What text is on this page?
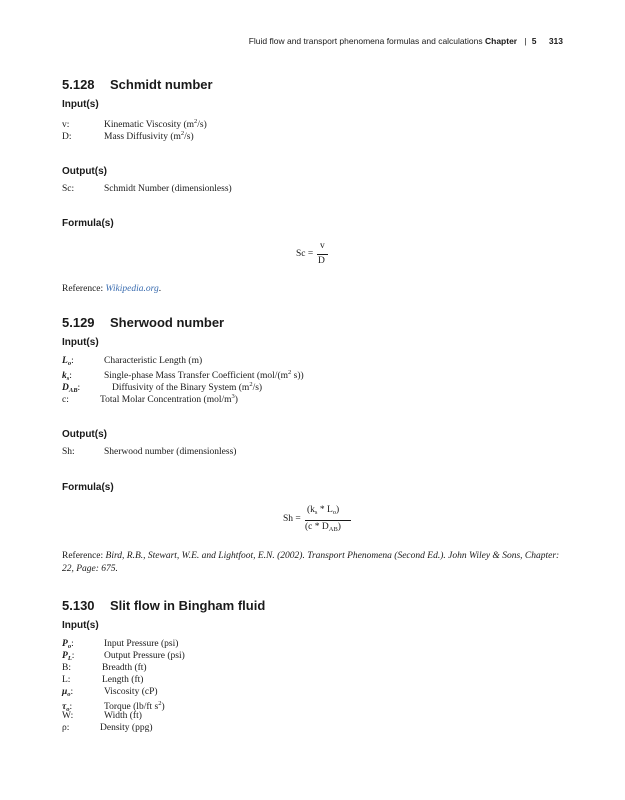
Fluid flow and transport phenomena formulas and calculations Chapter | 5 313
5.128 Schmidt number
Input(s)
v:	Kinematic Viscosity $(m^2/s)$
D:	Mass Diffusivity $(m^2/s)$
Output(s)
Sc:	Schmidt Number (dimensionless)
Formula(s)
Sc =
v
D
Reference: Wikipedia.org.
5.129 Sherwood number
Input(s)
$L_o$:	Characteristic Length (m)
$k_s$:	Single-phase Mass Transfer Coefficient ($mol/(m^2$ s))
$D_{AB}$:	Diffusivity of the Binary System $(m^2/s)$
c:	Total Molar Concentration $(mol/m^3)$
Output(s)
Sh:	Sherwood number (dimensionless)
Formula(s)
Sh =
$(k_s * L_o)$
$(c * D_{AB})$
Reference: Bird, R.B., Stewart, W.E. and Lightfoot, E.N. (2002). Transport Phenomena (Second Ed.). John Wiley & Sons, Chapter: 22, Page: 675.
5.130 Slit flow in Bingham fluid
Input(s)
$P_o$:	Input Pressure (psi)
$P_L$:	Output Pressure (psi)
B:	Breadth (ft)
L:	Length (ft)
$\mu_o$:	Viscosity (cP)
$\tau_o$:	Torque (lb/ft $s^2$)
W:	Width (ft)
ρ:	Density (ppg)
